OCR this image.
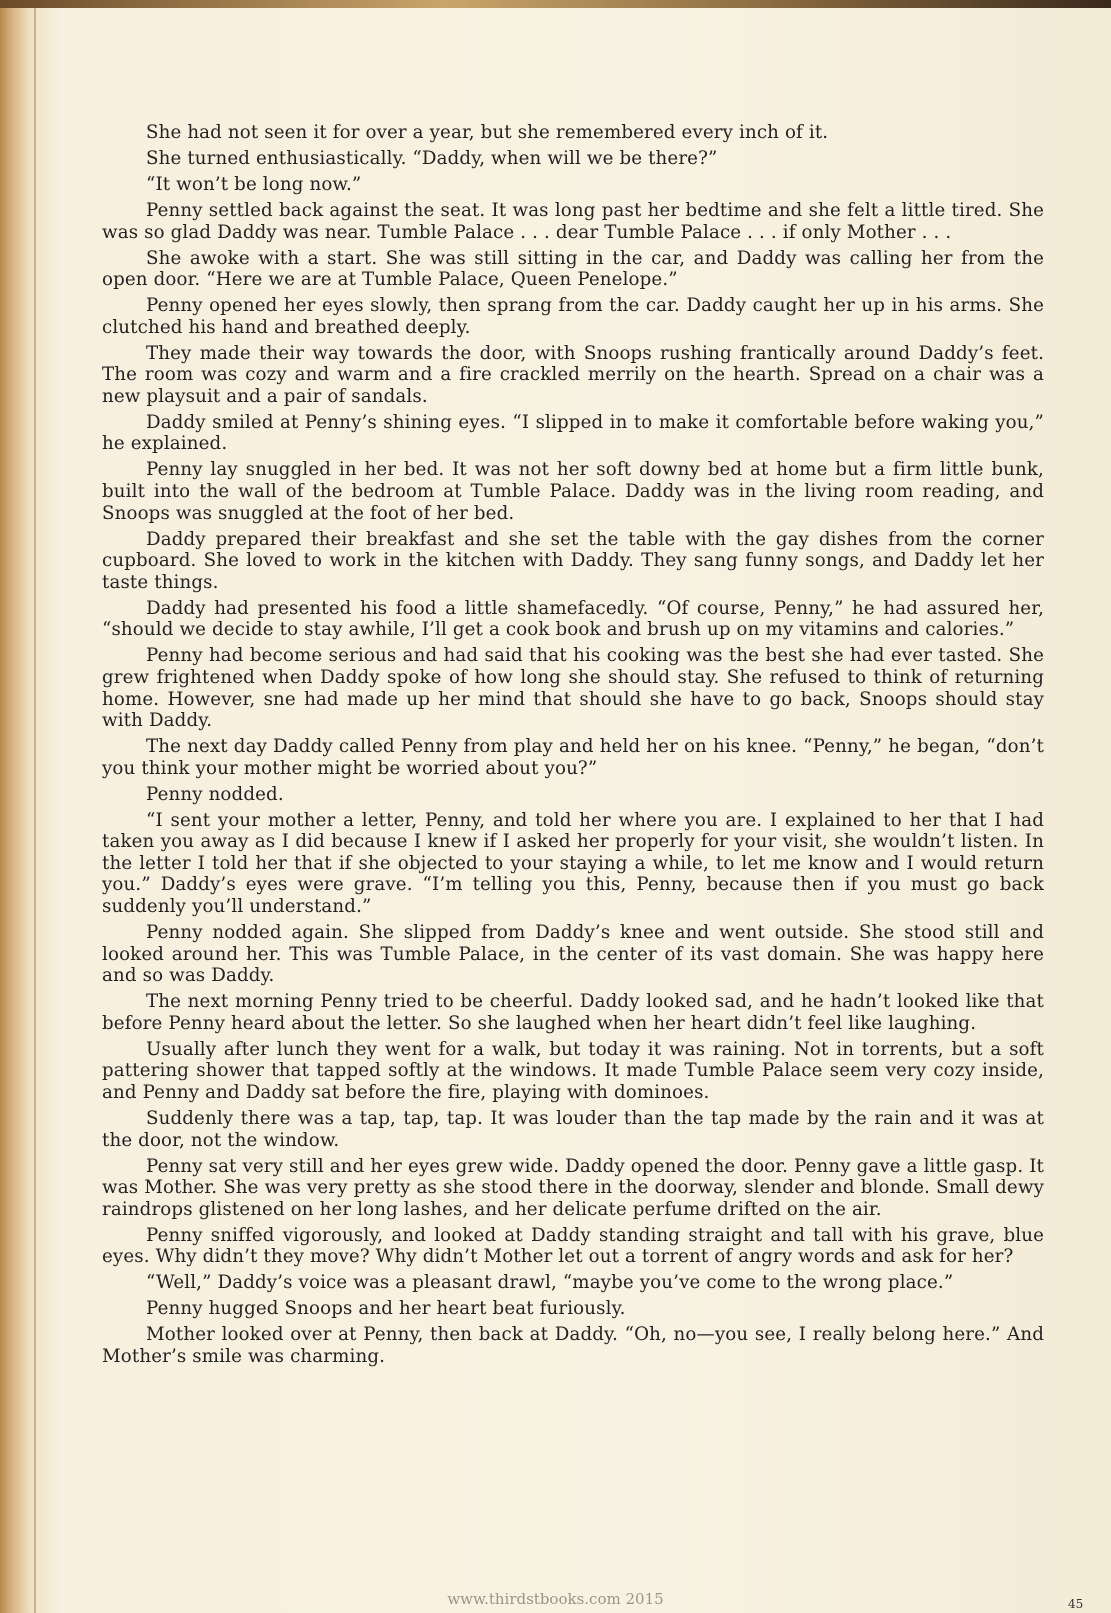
She had not seen it for over a year, but she remembered every inch of it.

She turned enthusiastically. “Daddy, when will we be there?”

“It won’t be long now.”

Penny settled back against the seat. It was long past her bedtime and she felt a little tired. She was so glad Daddy was near. Tumble Palace . . . dear Tumble Palace . . . if only Mother . . .

She awoke with a start. She was still sitting in the car, and Daddy was calling her from the open door. “Here we are at Tumble Palace, Queen Penelope.”

Penny opened her eyes slowly, then sprang from the car. Daddy caught her up in his arms. She clutched his hand and breathed deeply.

They made their way towards the door, with Snoops rushing frantically around Daddy’s feet. The room was cozy and warm and a fire crackled merrily on the hearth. Spread on a chair was a new playsuit and a pair of sandals.

Daddy smiled at Penny’s shining eyes. “I slipped in to make it comfortable before waking you,” he explained.

Penny lay snuggled in her bed. It was not her soft downy bed at home but a firm little bunk, built into the wall of the bedroom at Tumble Palace. Daddy was in the living room reading, and Snoops was snuggled at the foot of her bed.

Daddy prepared their breakfast and she set the table with the gay dishes from the corner cupboard. She loved to work in the kitchen with Daddy. They sang funny songs, and Daddy let her taste things.

Daddy had presented his food a little shamefacedly. “Of course, Penny,” he had assured her, “should we decide to stay awhile, I’ll get a cook book and brush up on my vitamins and calories.”

Penny had become serious and had said that his cooking was the best she had ever tasted. She grew frightened when Daddy spoke of how long she should stay. She refused to think of returning home. However, sne had made up her mind that should she have to go back, Snoops should stay with Daddy.

The next day Daddy called Penny from play and held her on his knee. “Penny,” he began, “don’t you think your mother might be worried about you?”

Penny nodded.

“I sent your mother a letter, Penny, and told her where you are. I explained to her that I had taken you away as I did because I knew if I asked her properly for your visit, she wouldn’t listen. In the letter I told her that if she objected to your staying a while, to let me know and I would return you.” Daddy’s eyes were grave. “I’m telling you this, Penny, because then if you must go back suddenly you’ll understand.”

Penny nodded again. She slipped from Daddy’s knee and went outside. She stood still and looked around her. This was Tumble Palace, in the center of its vast domain. She was happy here and so was Daddy.

The next morning Penny tried to be cheerful. Daddy looked sad, and he hadn’t looked like that before Penny heard about the letter. So she laughed when her heart didn’t feel like laughing.

Usually after lunch they went for a walk, but today it was raining. Not in torrents, but a soft pattering shower that tapped softly at the windows. It made Tumble Palace seem very cozy inside, and Penny and Daddy sat before the fire, playing with dominoes.

Suddenly there was a tap, tap, tap. It was louder than the tap made by the rain and it was at the door, not the window.

Penny sat very still and her eyes grew wide. Daddy opened the door. Penny gave a little gasp. It was Mother. She was very pretty as she stood there in the doorway, slender and blonde. Small dewy raindrops glistened on her long lashes, and her delicate perfume drifted on the air.

Penny sniffed vigorously, and looked at Daddy standing straight and tall with his grave, blue eyes. Why didn’t they move? Why didn’t Mother let out a torrent of angry words and ask for her?

“Well,” Daddy’s voice was a pleasant drawl, “maybe you’ve come to the wrong place.”

Penny hugged Snoops and her heart beat furiously.

Mother looked over at Penny, then back at Daddy. “Oh, no—you see, I really belong here.” And Mother’s smile was charming.

45
www.thirdstbooks.com 2015
